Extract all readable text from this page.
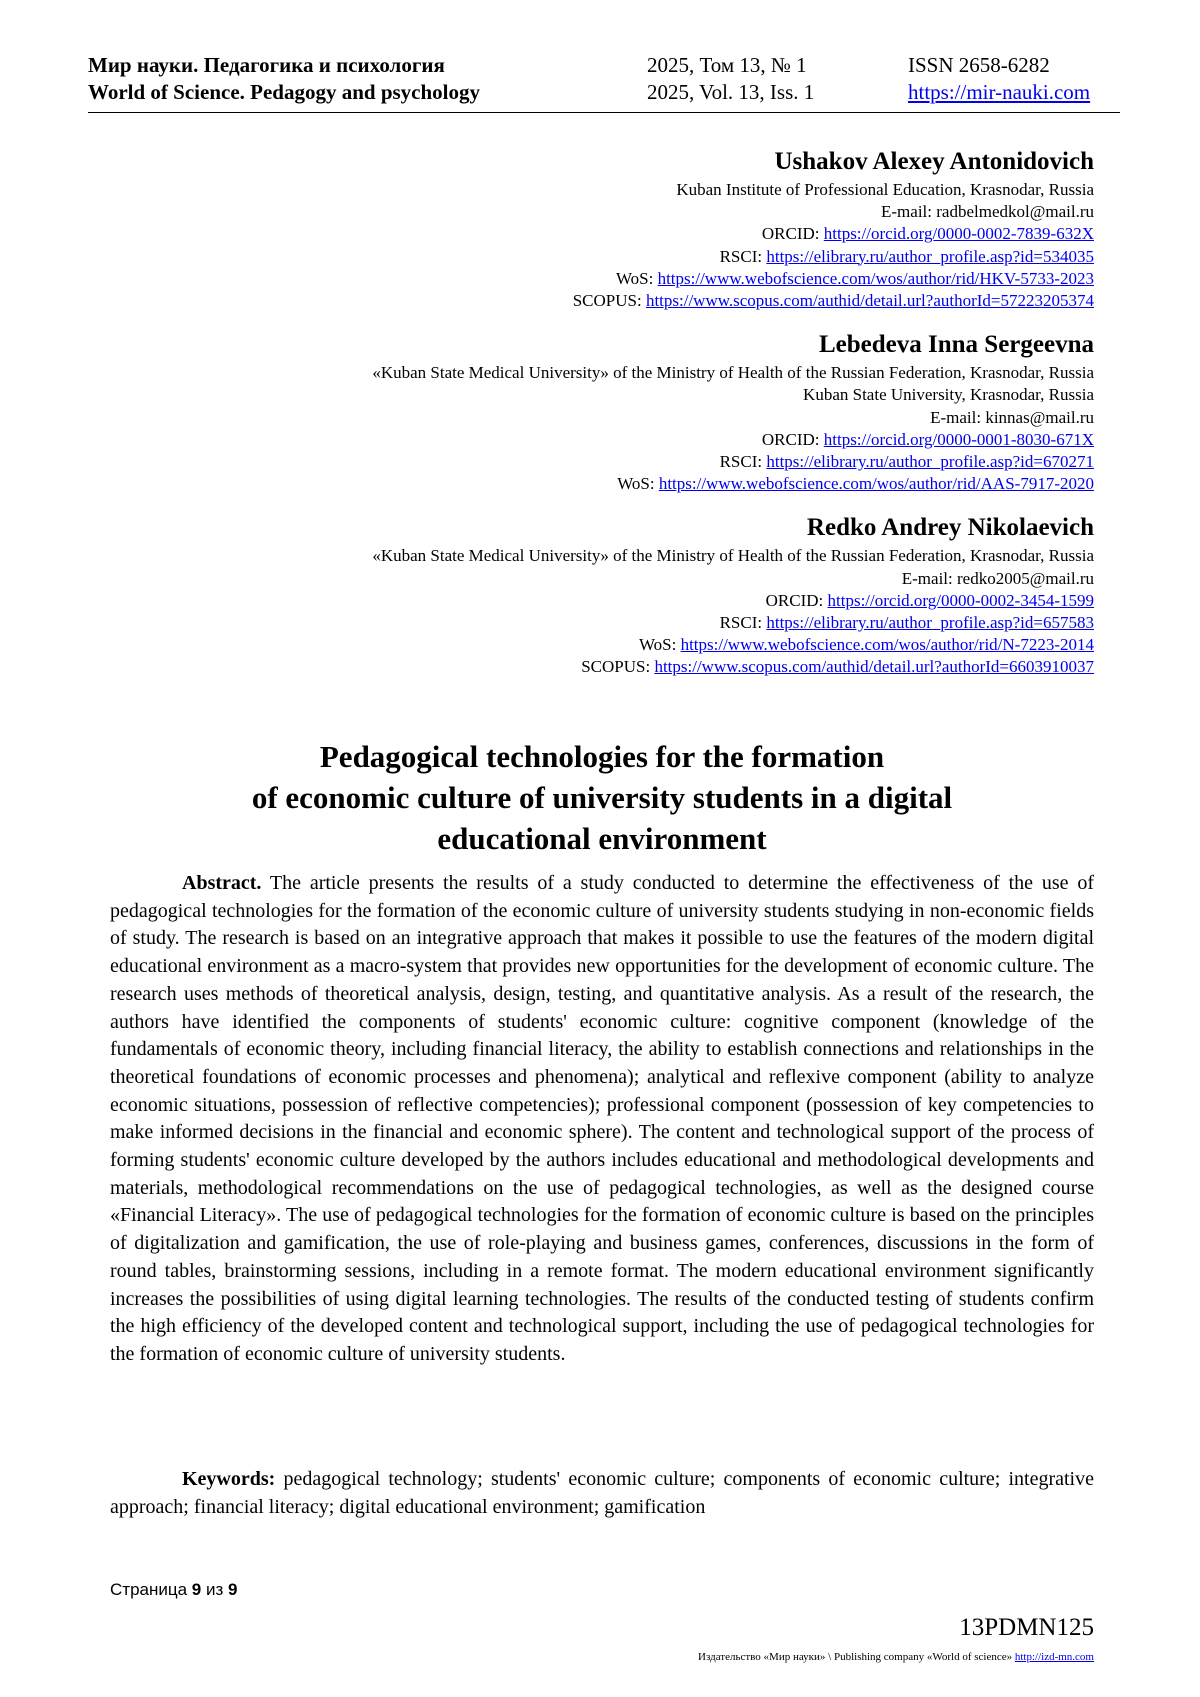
Мир науки. Педагогика и психология
World of Science. Pedagogy and psychology
2025, Том 13, № 1
2025, Vol. 13, Iss. 1
ISSN 2658-6282
https://mir-nauki.com
Ushakov Alexey Antonidovich
Kuban Institute of Professional Education, Krasnodar, Russia
E-mail: radbelmedkol@mail.ru
ORCID: https://orcid.org/0000-0002-7839-632X
RSCI: https://elibrary.ru/author_profile.asp?id=534035
WoS: https://www.webofscience.com/wos/author/rid/HKV-5733-2023
SCOPUS: https://www.scopus.com/authid/detail.url?authorId=57223205374
Lebedeva Inna Sergeevna
«Kuban State Medical University» of the Ministry of Health of the Russian Federation, Krasnodar, Russia
Kuban State University, Krasnodar, Russia
E-mail: kinnas@mail.ru
ORCID: https://orcid.org/0000-0001-8030-671X
RSCI: https://elibrary.ru/author_profile.asp?id=670271
WoS: https://www.webofscience.com/wos/author/rid/AAS-7917-2020
Redko Andrey Nikolaevich
«Kuban State Medical University» of the Ministry of Health of the Russian Federation, Krasnodar, Russia
E-mail: redko2005@mail.ru
ORCID: https://orcid.org/0000-0002-3454-1599
RSCI: https://elibrary.ru/author_profile.asp?id=657583
WoS: https://www.webofscience.com/wos/author/rid/N-7223-2014
SCOPUS: https://www.scopus.com/authid/detail.url?authorId=6603910037
Pedagogical technologies for the formation
of economic culture of university students in a digital
educational environment

Abstract. The article presents the results of a study conducted to determine the effectiveness of the use of pedagogical technologies for the formation of the economic culture of university students studying in non-economic fields of study. The research is based on an integrative approach that makes it possible to use the features of the modern digital educational environment as a macro-system that provides new opportunities for the development of economic culture. The research uses methods of theoretical analysis, design, testing, and quantitative analysis. As a result of the research, the authors have identified the components of students' economic culture: cognitive component (knowledge of the fundamentals of economic theory, including financial literacy, the ability to establish connections and relationships in the theoretical foundations of economic processes and phenomena); analytical and reflexive component (ability to analyze economic situations, possession of reflective competencies); professional component (possession of key competencies to make informed decisions in the financial and economic sphere). The content and technological support of the process of forming students' economic culture developed by the authors includes educational and methodological developments and materials, methodological recommendations on the use of pedagogical technologies, as well as the designed course «Financial Literacy». The use of pedagogical technologies for the formation of economic culture is based on the principles of digitalization and gamification, the use of role-playing and business games, conferences, discussions in the form of round tables, brainstorming sessions, including in a remote format. The modern educational environment significantly increases the possibilities of using digital learning technologies. The results of the conducted testing of students confirm the high efficiency of the developed content and technological support, including the use of pedagogical technologies for the formation of economic culture of university students.

Keywords: pedagogical technology; students' economic culture; components of economic culture; integrative approach; financial literacy; digital educational environment; gamification

Страница 9 из 9
13PDMN125
Издательство «Мир науки» \ Publishing company «World of science» http://izd-mn.com
